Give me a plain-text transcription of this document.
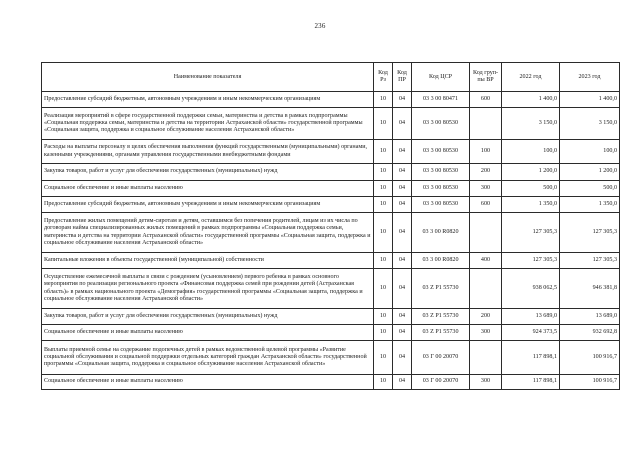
236
Наименование показателя	Код Рз	Код ПР	Код ЦСР	Код груп-пы ВР	2022 год	2023 год
Предоставление субсидий бюджетным, автономным учреждениям и иным некоммерческим организациям	10	04	03 3 00 80471	600	1 400,0	1 400,0
Реализация мероприятий в сфере государственной поддержки семьи, материнства и детства в рамках подпрограммы «Социальная поддержка семьи, материнства и детства на территории Астраханской области» государственной программы «Социальная защита, поддержка и социальное обслуживание населения Астраханской области»	10	04	03 3 00 80530		3 150,0	3 150,0
Расходы на выплаты персоналу в целях обеспечения выполнения функций государственными (муниципальными) органами, казенными учреждениями, органами управления государственными внебюджетными фондами	10	04	03 3 00 80530	100	100,0	100,0
Закупка товаров, работ и услуг для обеспечения государственных (муниципальных) нужд	10	04	03 3 00 80530	200	1 200,0	1 200,0
Социальное обеспечение и иные выплаты населению	10	04	03 3 00 80530	300	500,0	500,0
Предоставление субсидий бюджетным, автономным учреждениям и иным некоммерческим организациям	10	04	03 3 00 80530	600	1 350,0	1 350,0
Предоставление жилых помещений детям-сиротам и детям, оставшимся без попечения родителей, лицам из их числа по договорам найма специализированных жилых помещений в рамках подпрограммы «Социальная поддержка семьи, материнства и детства на территории Астраханской области» государственной программы «Социальная защита, поддержка и социальное обслуживание населения Астраханской области»	10	04	03 3 00 R0820		127 305,3	127 305,3
Капитальные вложения в объекты государственной (муниципальной) собственности	10	04	03 3 00 R0820	400	127 305,3	127 305,3
Осуществление ежемесячной выплаты в связи с рождением (усыновлением) первого ребенка в рамках основного мероприятия по реализации регионального проекта «Финансовая поддержка семей при рождении детей (Астраханская область)» в рамках национального проекта «Демография» государственной программы «Социальная защита, поддержка и социальное обслуживание населения Астраханской области»	10	04	03 Z P1 55730		938 062,5	946 381,8
Закупка товаров, работ и услуг для обеспечения государственных (муниципальных) нужд	10	04	03 Z P1 55730	200	13 689,0	13 689,0
Социальное обеспечение и иные выплаты населению	10	04	03 Z P1 55730	300	924 373,5	932 692,8
Выплаты приемной семье на содержание подопечных детей в рамках ведомственной целевой программы «Развитие социальной обслуживания и социальной поддержки отдельных категорий граждан Астраханской области» государственной программы «Социальная защита, поддержка и социальное обслуживание населения Астраханской области»	10	04	03 Г 00 20070		117 898,1	100 916,7
Социальное обеспечение и иные выплаты населению	10	04	03 Г 00 20070	300	117 898,1	100 916,7
